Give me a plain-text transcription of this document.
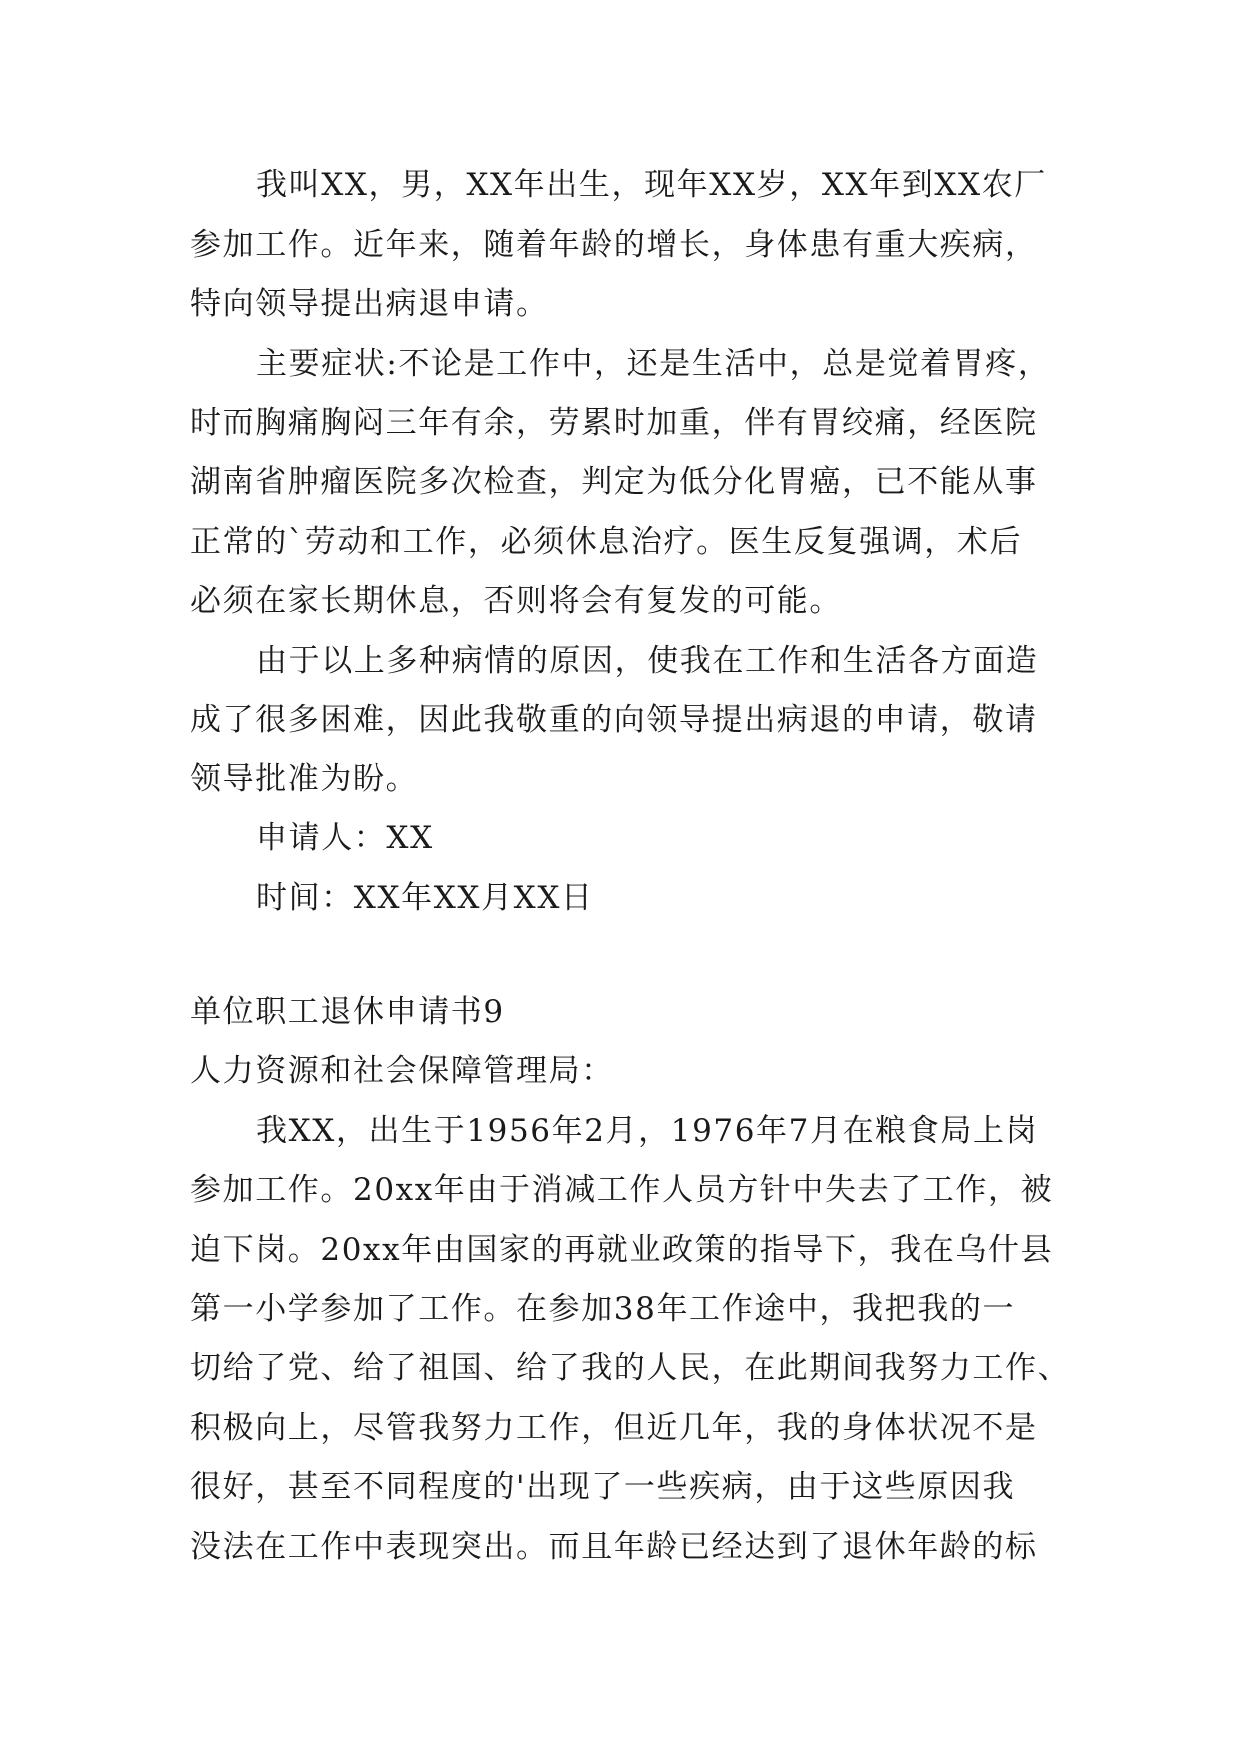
我叫XX，男，XX年出生，现年XX岁，XX年到XX农厂

参加工作。近年来，随着年龄的增长，身体患有重大疾病，

特向领导提出病退申请。

主要症状:不论是工作中，还是生活中，总是觉着胃疼，

时而胸痛胸闷三年有余，劳累时加重，伴有胃绞痛，经医院

湖南省肿瘤医院多次检查，判定为低分化胃癌，已不能从事

正常的`劳动和工作，必须休息治疗。医生反复强调，术后

必须在家长期休息，否则将会有复发的可能。

由于以上多种病情的原因，使我在工作和生活各方面造

成了很多困难，因此我敬重的向领导提出病退的申请，敬请

领导批准为盼。

申请人：XX

时间：XX年XX月XX日

单位职工退休申请书9

人力资源和社会保障管理局：

我XX，出生于1956年2月，1976年7月在粮食局上岗

参加工作。20xx年由于消减工作人员方针中失去了工作，被

迫下岗。20xx年由国家的再就业政策的指导下，我在乌什县

第一小学参加了工作。在参加38年工作途中，我把我的一

切给了党、给了祖国、给了我的人民，在此期间我努力工作、

积极向上，尽管我努力工作，但近几年，我的身体状况不是

很好，甚至不同程度的'出现了一些疾病，由于这些原因我

没法在工作中表现突出。而且年龄已经达到了退休年龄的标
